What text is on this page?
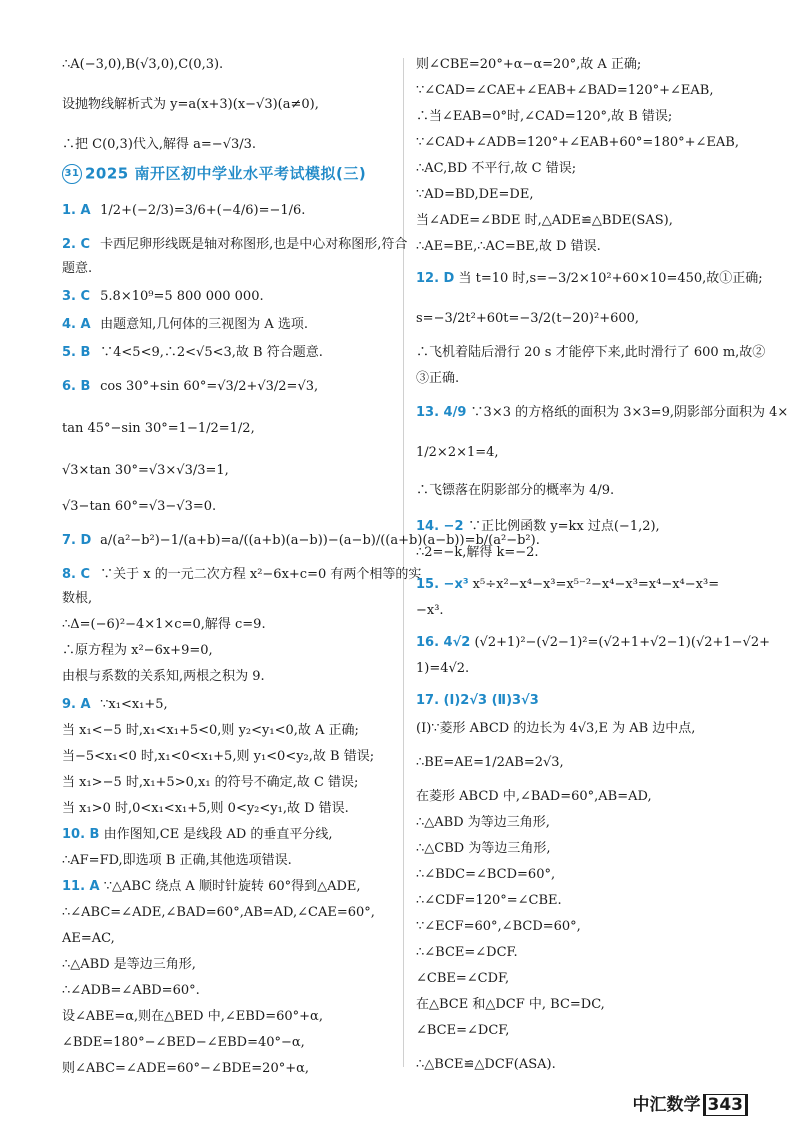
∴A(−3,0),B(√3,0),C(0,3).
设抛物线解析式为 y=a(x+3)(x−√3)(a≠0),
∴把 C(0,3)代入,解得 a=−√3/3.
31 2025 南开区初中学业水平考试模拟(三)
1. A 1/2+(−2/3)=3/6+(−4/6)=−1/6.
2. C 卡西尼卵形线既是轴对称图形,也是中心对称图形,符合
题意.
3. C 5.8×10⁹=5 800 000 000.
4. A 由题意知,几何体的三视图为 A 选项.
5. B ∵4<5<9,∴2<√5<3,故 B 符合题意.
6. B cos 30°+sin 60°=√3/2+√3/2=√3,
tan 45°−sin 30°=1−1/2=1/2,
√3×tan 30°=√3×√3/3=1,
√3−tan 60°=√3−√3=0.
7. D a/(a²−b²)−1/(a+b)=a/((a+b)(a−b))−(a−b)/((a+b)(a−b))=b/(a²−b²).
8. C ∵关于 x 的一元二次方程 x²−6x+c=0 有两个相等的实
数根,
∴Δ=(−6)²−4×1×c=0,解得 c=9.
∴原方程为 x²−6x+9=0,
由根与系数的关系知,两根之积为 9.
9. A ∵x₁<x₁+5,
当 x₁<−5 时,x₁<x₁+5<0,则 y₂<y₁<0,故 A 正确;
当−5<x₁<0 时,x₁<0<x₁+5,则 y₁<0<y₂,故 B 错误;
当 x₁>−5 时,x₁+5>0,x₁ 的符号不确定,故 C 错误;
当 x₁>0 时,0<x₁<x₁+5,则 0<y₂<y₁,故 D 错误.
10. B 由作图知,CE 是线段 AD 的垂直平分线,
∴AF=FD,即选项 B 正确,其他选项错误.
11. A ∵△ABC 绕点 A 顺时针旋转 60°得到△ADE,
∴∠ABC=∠ADE,∠BAD=60°,AB=AD,∠CAE=60°,
AE=AC,
∴△ABD 是等边三角形,
∴∠ADB=∠ABD=60°.
设∠ABE=α,则在△BED 中,∠EBD=60°+α,
∠BDE=180°−∠BED−∠EBD=40°−α,
则∠ABC=∠ADE=60°−∠BDE=20°+α,
则∠CBE=20°+α−α=20°,故 A 正确;
∵∠CAD=∠CAE+∠EAB+∠BAD=120°+∠EAB,
∴当∠EAB=0°时,∠CAD=120°,故 B 错误;
∵∠CAD+∠ADB=120°+∠EAB+60°=180°+∠EAB,
∴AC,BD 不平行,故 C 错误;
∵AD=BD,DE=DE,
当∠ADE=∠BDE 时,△ADE≌△BDE(SAS),
∴AE=BE,∴AC=BE,故 D 错误.
12. D 当 t=10 时,s=−3/2×10²+60×10=450,故①正确;
s=−3/2t²+60t=−3/2(t−20)²+600,
∴飞机着陆后滑行 20 s 才能停下来,此时滑行了 600 m,故②
③正确.
13. 4/9 ∵3×3 的方格纸的面积为 3×3=9,阴影部分面积为 4×
1/2×2×1=4,
∴飞镖落在阴影部分的概率为 4/9.
14. −2 ∵正比例函数 y=kx 过点(−1,2),
∴2=−k,解得 k=−2.
15. −x³ x⁵÷x²−x⁴−x³=x⁵⁻²−x⁴−x³=x⁴−x⁴−x³=
−x³.
16. 4√2 (√2+1)²−(√2−1)²=(√2+1+√2−1)(√2+1−√2+
1)=4√2.
17. (Ⅰ)2√3 (Ⅱ)3√3
(Ⅰ)∵菱形 ABCD 的边长为 4√3,E 为 AB 边中点,
∴BE=AE=1/2AB=2√3,
在菱形 ABCD 中,∠BAD=60°,AB=AD,
∴△ABD 为等边三角形,
∴△CBD 为等边三角形,
∴∠BDC=∠BCD=60°,
∴∠CDF=120°=∠CBE.
∵∠ECF=60°,∠BCD=60°,
∴∠BCE=∠DCF.
∠CBE=∠CDF,
在△BCE 和△DCF 中, BC=DC,
∠BCE=∠DCF,
∴△BCE≌△DCF(ASA).
中汇数学 343
